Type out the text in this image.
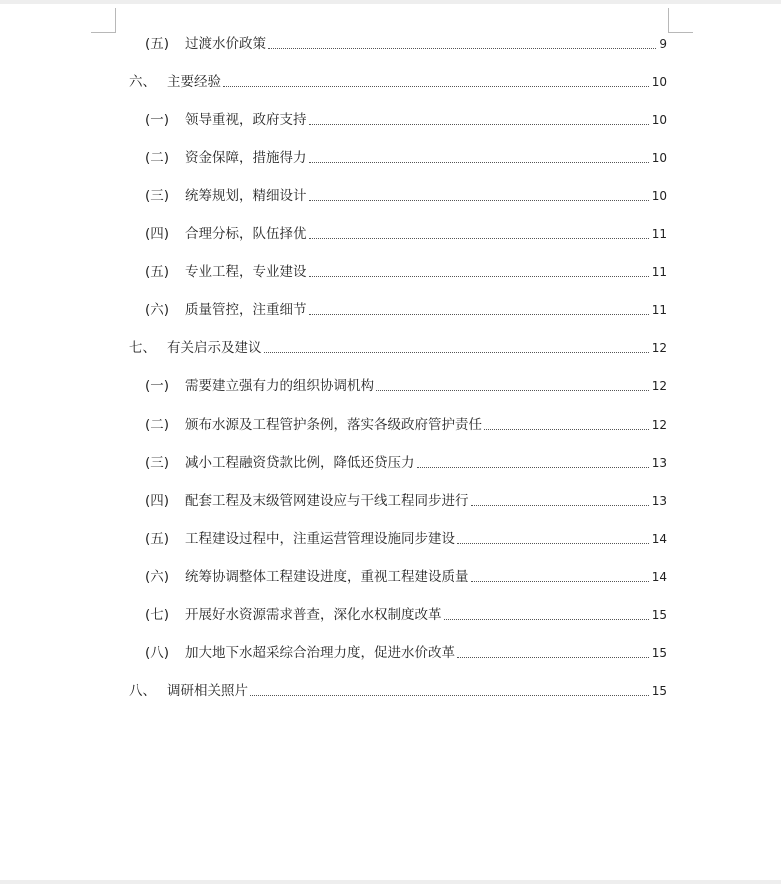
(五)	过渡水价政策	9
六、 主要经验	10
(一)	领导重视，政府支持	10
(二)	资金保障，措施得力	10
(三)	统筹规划，精细设计	10
(四)	合理分标，队伍择优	11
(五)	专业工程，专业建设	11
(六)	质量管控，注重细节	11
七、 有关启示及建议	12
(一)	需要建立强有力的组织协调机构	12
(二)	颁布水源及工程管护条例，落实各级政府管护责任	12
(三)	减小工程融资贷款比例，降低还贷压力	13
(四)	配套工程及末级管网建设应与干线工程同步进行	13
(五)	工程建设过程中，注重运营管理设施同步建设	14
(六)	统筹协调整体工程建设进度，重视工程建设质量	14
(七)	开展好水资源需求普查，深化水权制度改革	15
(八)	加大地下水超采综合治理力度，促进水价改革	15
八、 调研相关照片	15
